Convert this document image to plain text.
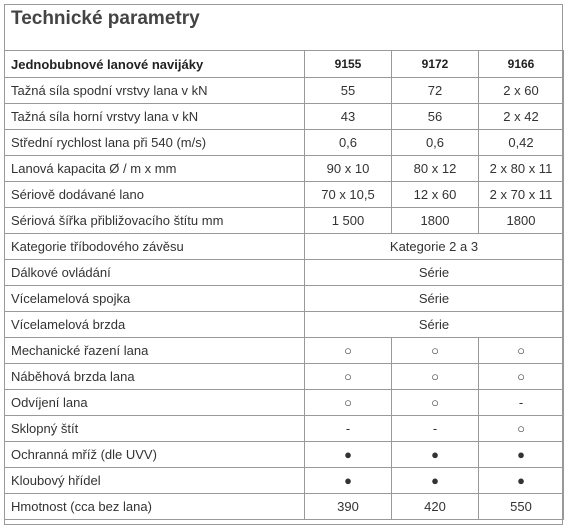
Technické parametry
Jednobubnové lanové navijáky	9155	9172	9166
Tažná síla spodní vrstvy lana v kN	55	72	2 x 60
Tažná síla horní vrstvy lana v kN	43	56	2 x 42
Střední rychlost lana při 540 (m/s)	0,6	0,6	0,42
Lanová kapacita Ø / m x mm	90 x 10	80 x 12	2 x 80 x 11
Sériově dodávané lano	70 x 10,5	12 x 60	2 x 70 x 11
Sériová šířka přibližovacího štítu mm	1 500	1800	1800
Kategorie tříbodového závěsu	Kategorie 2 a 3		
Dálkové ovládání	Série		
Vícelamelová spojka	Série		
Vícelamelová brzda	Série		
Mechanické řazení lana	○	○	○
Náběhová brzda lana	○	○	○
Odvíjení lana	○	○	-
Sklopný štít	-	-	○
Ochranná mříž (dle UVV)	●	●	●
Kloubový hřídel	●	●	●
Hmotnost (cca bez lana)	390	420	550
